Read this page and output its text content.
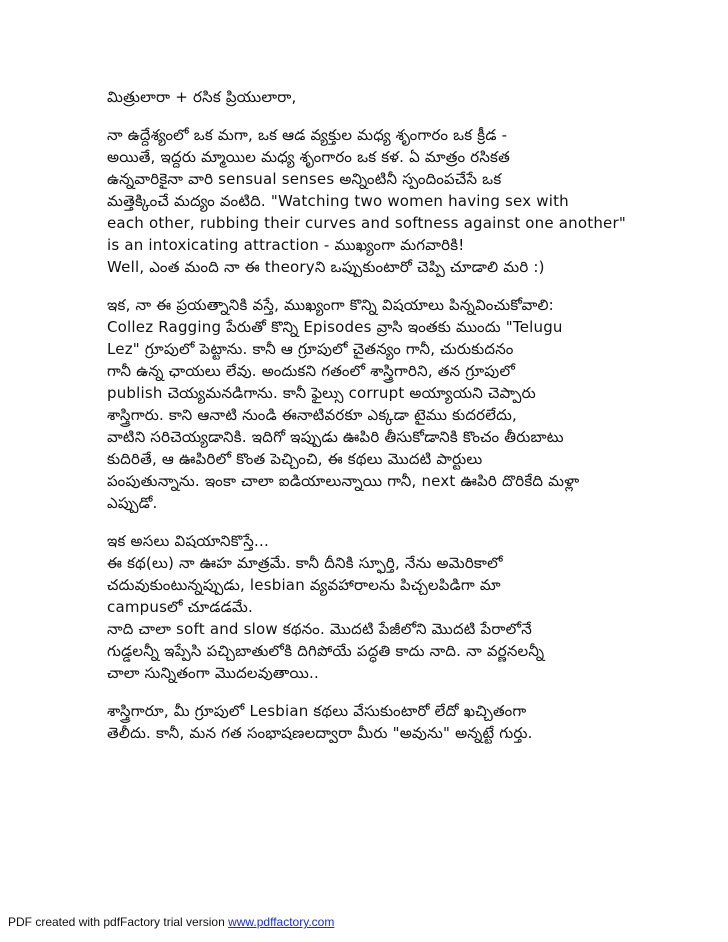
మిత్రులారా + రసిక ప్రియులారా,

నా ఉద్దేశ్యంలో ఒక మగా, ఒక ఆడ వ్యక్తుల మధ్య శృంగారం ఒక క్రీడ -

అయితే, ఇద్దరు మ్మాయిల మధ్య శృంగారం ఒక కళ. ఏ మాత్రం రసికత

ఉన్నవారికైనా వారి sensual senses అన్నింటినీ స్పందింపచేసే ఒక

మత్తెక్కించే మద్యం వంటిది. "Watching two women having sex with

each other, rubbing their curves and softness against one another"

is an intoxicating attraction - ముఖ్యంగా మగవారికి!

Well, ఎంత మంది నా ఈ theoryని ఒప్పుకుంటారో చెప్పి చూడాలి మరి :)

ఇక, నా ఈ ప్రయత్నానికి వస్తే, ముఖ్యంగా కొన్ని విషయాలు పిన్నవించుకోవాలి:

Collez Ragging పేరుతో కొన్ని Episodes వ్రాసి ఇంతకు ముందు "Telugu

Lez" గ్రూపులో పెట్టాను. కానీ ఆ గ్రూపులో చైతన్యం గానీ, చురుకుదనం

గానీ ఉన్న ఛాయలు లేవు. అందుకని గతంలో శాస్త్రిగారిని, తన గ్రూపులో

publish చెయ్యమనడిగాను. కానీ ఫైల్సు corrupt అయ్యాయని చెప్పారు

శాస్త్రిగారు. కాని ఆనాటి నుండి ఈనాటివరకూ ఎక్కడా టైము కుదరలేదు,

వాటిని సరిచెయ్యడానికి. ఇదిగో ఇప్పుడు ఊపిరి తీసుకోడానికి కొంచం తీరుబాటు

కుదిరితే, ఆ ఊపిరిలో కొంత పెచ్చించి, ఈ కథలు మొదటి పార్టులు

పంపుతున్నాను. ఇంకా చాలా ఐడియాలున్నాయి గానీ, next ఊపిరి దొరికేది మళ్లా

ఎప్పుడో.

ఇక అసలు విషయానికొస్తే...

ఈ కథ(లు) నా ఊహ మాత్రమే. కానీ దీనికి స్ఫూర్తి, నేను అమెరికాలో

చదువుకుంటున్నప్పుడు, lesbian వ్యవహారాలను పిచ్చలపిడిగా మా

campusలో చూడడమే.

నాది చాలా soft and slow కథనం. మొదటి పేజీలోని మొదటి పేరాలోనే

గుడ్డలన్నీ ఇప్పేసి పచ్చిబాతులోకి దిగిపోయే పద్ధతి కాదు నాది. నా వర్ణనలన్నీ

చాలా సున్నితంగా మొదలవుతాయి..

శాస్త్రిగారూ, మీ గ్రూపులో Lesbian కథలు వేసుకుంటారో లేదో ఖచ్చితంగా

తెలీదు. కానీ, మన గత సంభాషణలద్వారా మీరు "అవును" అన్నట్టే గుర్తు.

PDF created with pdfFactory trial version www.pdffactory.com
